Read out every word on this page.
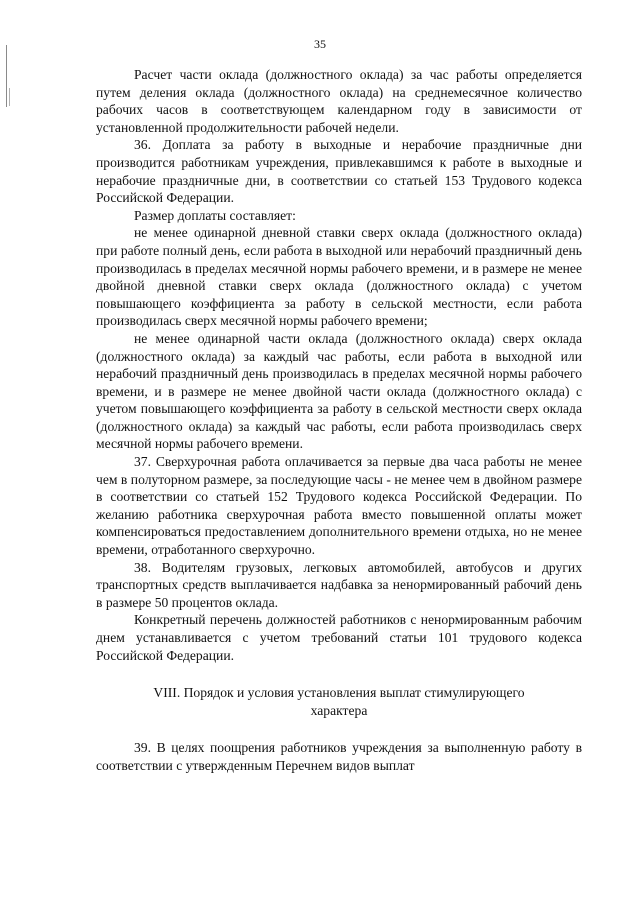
35

Расчет части оклада (должностного оклада) за час работы определяется путем деления оклада (должностного оклада) на среднемесячное количество рабочих часов в соответствующем календарном году в зависимости от установленной продолжительности рабочей недели.

36. Доплата за работу в выходные и нерабочие праздничные дни производится работникам учреждения, привлекавшимся к работе в выходные и нерабочие праздничные дни, в соответствии со статьей 153 Трудового кодекса Российской Федерации.

Размер доплаты составляет:

не менее одинарной дневной ставки сверх оклада (должностного оклада) при работе полный день, если работа в выходной или нерабочий праздничный день производилась в пределах месячной нормы рабочего времени, и в размере не менее двойной дневной ставки сверх оклада (должностного оклада) с учетом повышающего коэффициента за работу в сельской местности, если работа производилась сверх месячной нормы рабочего времени;

не менее одинарной части оклада (должностного оклада) сверх оклада (должностного оклада) за каждый час работы, если работа в выходной или нерабочий праздничный день производилась в пределах месячной нормы рабочего времени, и в размере не менее двойной части оклада (должностного оклада) с учетом повышающего коэффициента за работу в сельской местности сверх оклада (должностного оклада) за каждый час работы, если работа производилась сверх месячной нормы рабочего времени.

37. Сверхурочная работа оплачивается за первые два часа работы не менее чем в полуторном размере, за последующие часы - не менее чем в двойном размере в соответствии со статьей 152 Трудового кодекса Российской Федерации. По желанию работника сверхурочная работа вместо повышенной оплаты может компенсироваться предоставлением дополнительного времени отдыха, но не менее времени, отработанного сверхурочно.

38. Водителям грузовых, легковых автомобилей, автобусов и других транспортных средств выплачивается надбавка за ненормированный рабочий день в размере 50 процентов оклада.

Конкретный перечень должностей работников с ненормированным рабочим днем устанавливается с учетом требований статьи 101 трудового кодекса Российской Федерации.

VIII. Порядок и условия установления выплат стимулирующего характера

39. В целях поощрения работников учреждения за выполненную работу в соответствии с утвержденным Перечнем видов выплат
